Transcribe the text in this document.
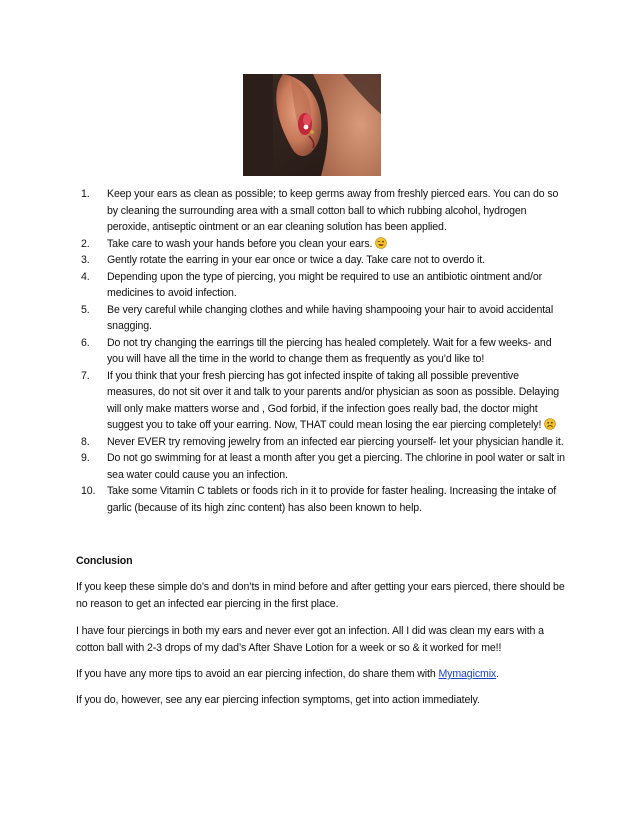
1.	Keep your ears as clean as possible; to keep germs away from freshly pierced ears. You can do so by cleaning the surrounding area with a small cotton ball to which rubbing alcohol, hydrogen peroxide, antiseptic ointment or an ear cleaning solution has been applied.
2.	Take care to wash your hands before you clean your ears.
3.	Gently rotate the earring in your ear once or twice a day. Take care not to overdo it.
4.	Depending upon the type of piercing, you might be required to use an antibiotic ointment and/or medicines to avoid infection.
5.	Be very careful while changing clothes and while having shampooing your hair to avoid accidental snagging.
6.	Do not try changing the earrings till the piercing has healed completely. Wait for a few weeks- and you will have all the time in the world to change them as frequently as you’d like to!
7.	If you think that your fresh piercing has got infected inspite of taking all possible preventive measures, do not sit over it and talk to your parents and/or physician as soon as possible. Delaying will only make matters worse and , God forbid, if the infection goes really bad, the doctor might suggest you to take off your earring. Now, THAT could mean losing the ear piercing completely!
8.	Never EVER try removing jewelry from an infected ear piercing yourself- let your physician handle it.
9.	Do not go swimming for at least a month after you get a piercing. The chlorine in pool water or salt in sea water could cause you an infection.
10.	Take some Vitamin C tablets or foods rich in it to provide for faster healing. Increasing the intake of garlic (because of its high zinc content) has also been known to help.

Conclusion

If you keep these simple do’s and don’ts in mind before and after getting your ears pierced, there should be no reason to get an infected ear piercing in the first place.

I have four piercings in both my ears and never ever got an infection. All I did was clean my ears with a cotton ball with 2-3 drops of my dad’s After Shave Lotion for a week or so & it worked for me!!

If you have any more tips to avoid an ear piercing infection, do share them with Mymagicmix.

If you do, however, see any ear piercing infection symptoms, get into action immediately.
